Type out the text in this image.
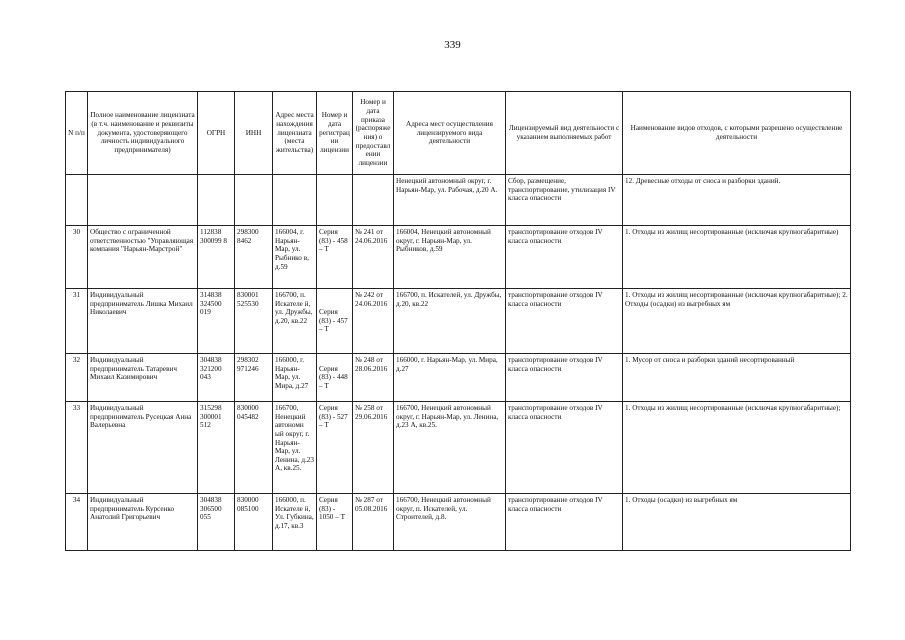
339
N п/п	Полное наименование лицензиата (в т.ч. наименование и реквизиты документа, удостоверяющего личность индивидуального предпринимателя)	ОГРН	ИНН	Адрес места нахождения лицензиата (места жительства)	Номер и дата регистрации лицензии	Номер и дата приказа (распоряжения) о предоставлении лицензии	Адреса мест осуществления лицензируемого вида деятельности	Лицензируемый вид деятельности с указанием выполняемых работ	Наименование видов отходов, с которыми разрешено осуществление деятельности
							Ненецкий автономный округ, г. Нарьян-Мар, ул. Рабочая, д.20 А.	Сбор, размещение, транспортирование, утилизация IV класса опасности	12. Древесные отходы от сноса и разборки зданий.
30	Общество с ограниченной ответственностью "Управляющая компания "Нарьян-Марстрой"	112838 300099 8	298300 8462	166004, г. Нарьян-Мар, ул. Рыбнико в, д.59	Серия (83) - 458 – Т	№ 241 от 24.06.2016	166004, Ненецкий автономный округ, г. Нарьян-Мар, ул. Рыбников, д.59	транспортирование отходов IV класса опасности	1. Отходы из жилищ несортированные (исключая крупногабаритные)
31	Индивидуальный предприниматель Лишка Михаил Николаевич	314838 324500 019	830001 525530	166700, п. Искателе й, ул. Дружбы, д.20, кв.22	Серия (83) - 457 – Т	№ 242 от 24.06.2016	166700, п. Искателей, ул. Дружбы, д.20, кв.22	транспортирование отходов IV класса опасности	1. Отходы из жилищ несортированные (исключая крупногабаритные); 2. Отходы (осадки) из выгребных ям
32	Индивидуальный предприниматель Татаревич Михаил Казимирович	304838 321200 043	298302 971246	166000, г. Нарьян-Мар, ул. Мира, д.27	Серия (83) - 448 – Т	№ 248 от 28.06.2016	166000, г. Нарьян-Мар, ул. Мира, д.27	транспортирование отходов IV класса опасности	1. Мусор от сноса и разборки зданий несортированный
33	Индивидуальный предприниматель Русецкая Анна Валерьевна	315298 300001 512	830000 045482	166700, Ненецкий автономн ый округ, г. Нарьян-Мар, ул. Ленина, д.23 А, кв.25.	Серия (83) - 527 – Т	№ 258 от 29.06.2016	166700, Ненецкий автономный округ, г. Нарьян-Мар, ул. Ленина, д.23 А, кв.25.	транспортирование отходов IV класса опасности	1. Отходы из жилищ несортированные (исключая крупногабаритные);
34	Индивидуальный предприниматель Курсенко Анатолий Григорьевич	304838 306500 055	830000 085100	166000, п. Искателе й, Ул. Губкина, д.17, кв.3	Серия (83) - 1050 – Т	№ 287 от 05.08.2016	166700, Ненецкий автономный округ, п. Искателей, ул. Строителей, д.8.	транспортирование отходов IV класса опасности	1. Отходы (осадки) из выгребных ям
